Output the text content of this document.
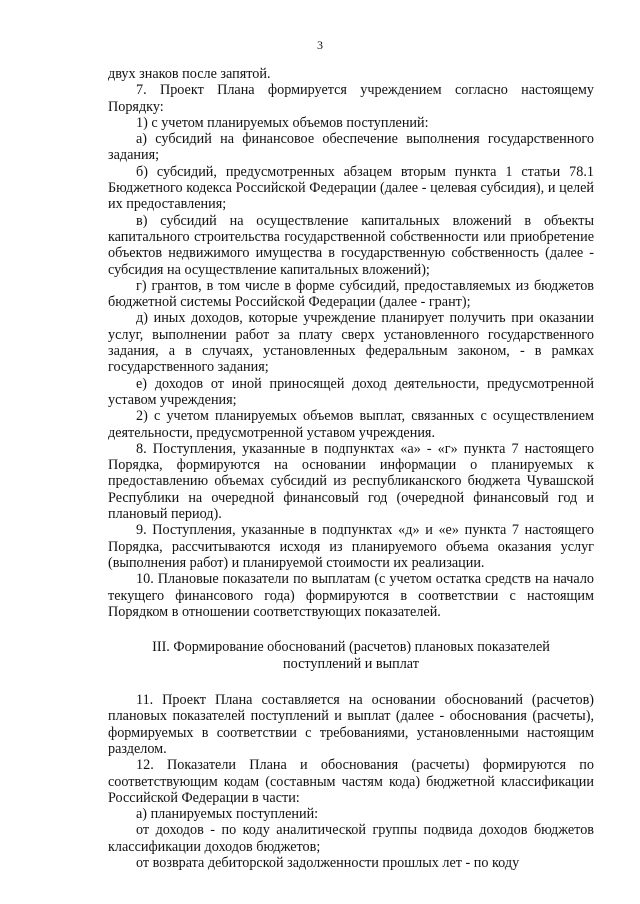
3

двух знаков после запятой.

7. Проект Плана формируется учреждением согласно настоящему Порядку:

1) с учетом планируемых объемов поступлений:

а) субсидий на финансовое обеспечение выполнения государственного задания;

б) субсидий, предусмотренных абзацем вторым пункта 1 статьи 78.1 Бюджетного кодекса Российской Федерации (далее - целевая субсидия), и целей их предоставления;

в) субсидий на осуществление капитальных вложений в объекты капитального строительства государственной собственности или приобретение объектов недвижимого имущества в государственную собственность (далее - субсидия на осуществление капитальных вложений);

г) грантов, в том числе в форме субсидий, предоставляемых из бюджетов бюджетной системы Российской Федерации (далее - грант);

д) иных доходов, которые учреждение планирует получить при оказании услуг, выполнении работ за плату сверх установленного государственного задания, а в случаях, установленных федеральным законом, - в рамках государственного задания;

е) доходов от иной приносящей доход деятельности, предусмотренной уставом учреждения;

2) с учетом планируемых объемов выплат, связанных с осуществлением деятельности, предусмотренной уставом учреждения.

8. Поступления, указанные в подпунктах «а» - «г» пункта 7 настоящего Порядка, формируются на основании информации о планируемых к предоставлению объемах субсидий из республиканского бюджета Чувашской Республики на очередной финансовый год (очередной финансовый год и плановый период).

9. Поступления, указанные в подпунктах «д» и «е» пункта 7 настоящего Порядка, рассчитываются исходя из планируемого объема оказания услуг (выполнения работ) и планируемой стоимости их реализации.

10. Плановые показатели по выплатам (с учетом остатка средств на начало текущего финансового года) формируются в соответствии с настоящим Порядком в отношении соответствующих показателей.

III. Формирование обоснований (расчетов) плановых показателей поступлений и выплат

11. Проект Плана составляется на основании обоснований (расчетов) плановых показателей поступлений и выплат (далее - обоснования (расчеты), формируемых в соответствии с требованиями, установленными настоящим разделом.

12. Показатели Плана и обоснования (расчеты) формируются по соответствующим кодам (составным частям кода) бюджетной классификации Российской Федерации в части:

а) планируемых поступлений:

от доходов - по коду аналитической группы подвида доходов бюджетов классификации доходов бюджетов;

от возврата дебиторской задолженности прошлых лет - по коду
